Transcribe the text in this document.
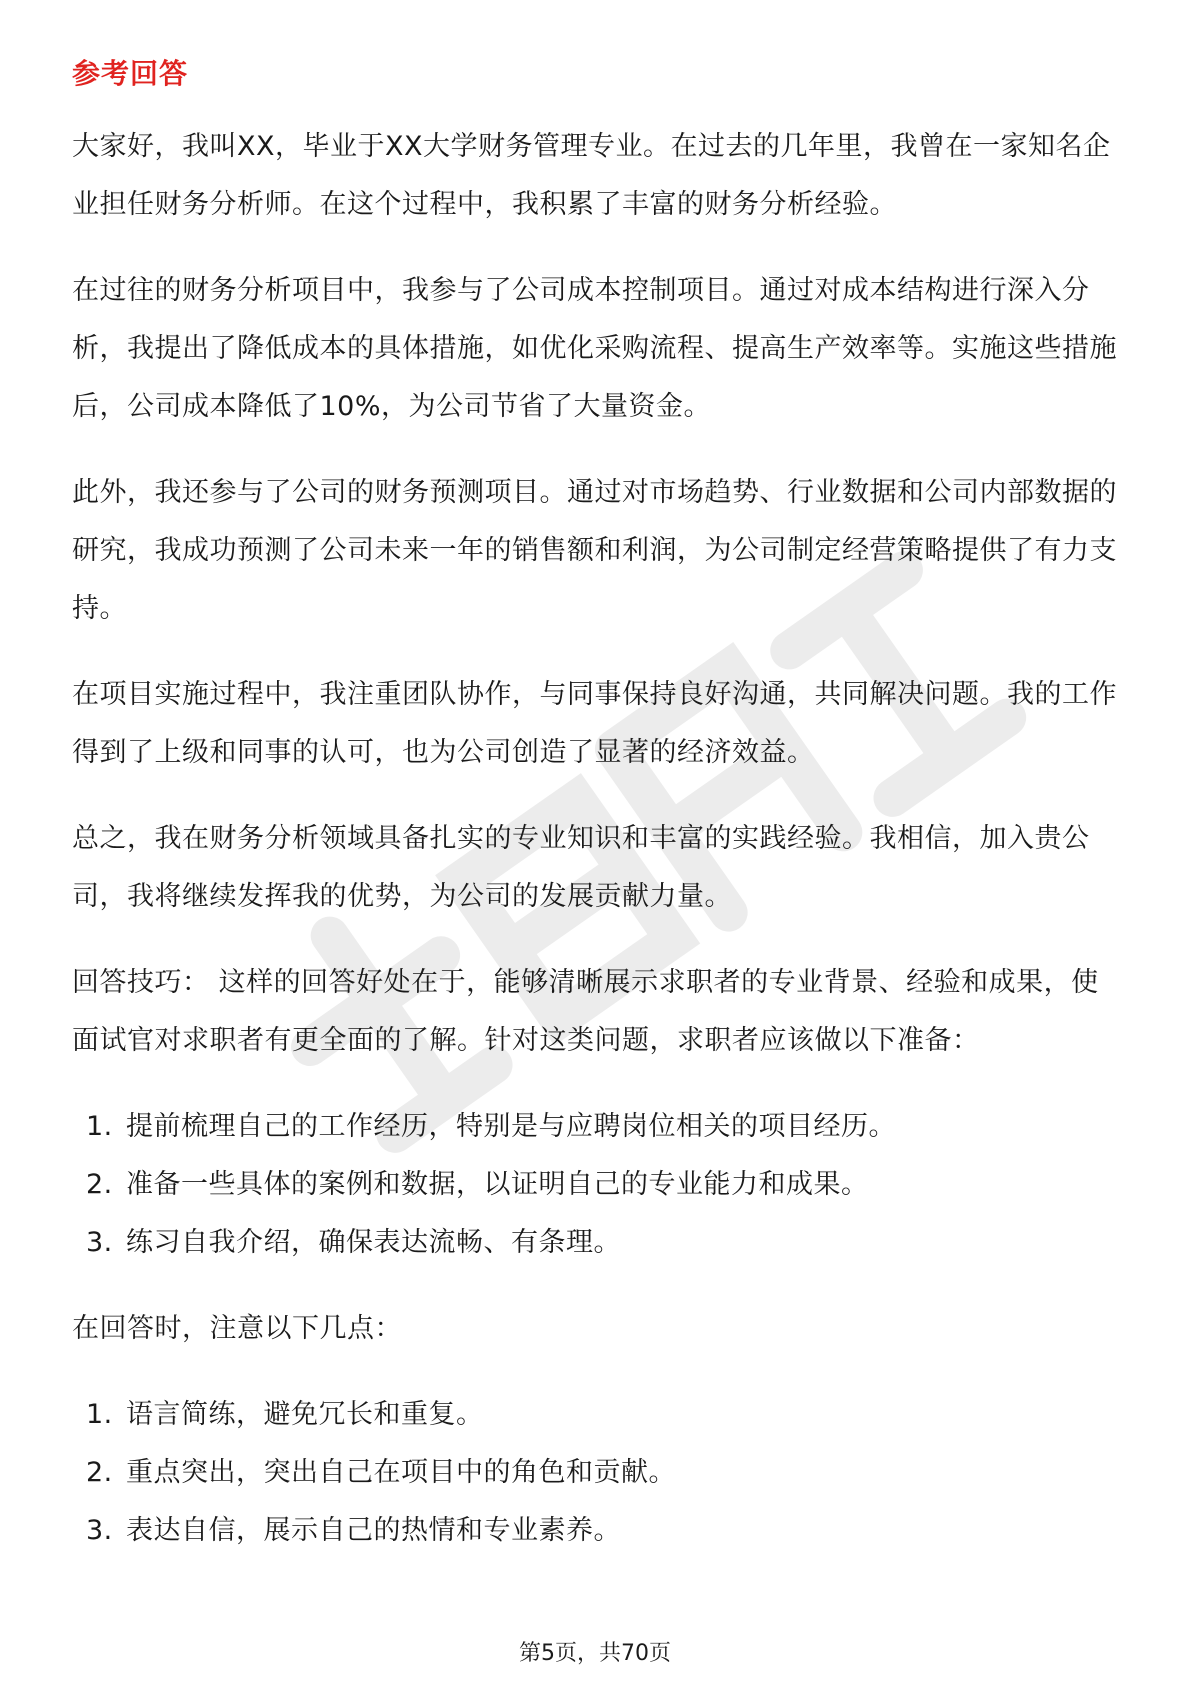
参考回答

大家好，我叫XX，毕业于XX大学财务管理专业。在过去的几年里，我曾在一家知名企业担任财务分析师。在这个过程中，我积累了丰富的财务分析经验。

在过往的财务分析项目中，我参与了公司成本控制项目。通过对成本结构进行深入分析，我提出了降低成本的具体措施，如优化采购流程、提高生产效率等。实施这些措施后，公司成本降低了10%，为公司节省了大量资金。

此外，我还参与了公司的财务预测项目。通过对市场趋势、行业数据和公司内部数据的研究，我成功预测了公司未来一年的销售额和利润，为公司制定经营策略提供了有力支持。

在项目实施过程中，我注重团队协作，与同事保持良好沟通，共同解决问题。我的工作得到了上级和同事的认可，也为公司创造了显著的经济效益。

总之，我在财务分析领域具备扎实的专业知识和丰富的实践经验。我相信，加入贵公司，我将继续发挥我的优势，为公司的发展贡献力量。

回答技巧： 这样的回答好处在于，能够清晰展示求职者的专业背景、经验和成果，使面试官对求职者有更全面的了解。针对这类问题，求职者应该做以下准备：

1. 提前梳理自己的工作经历，特别是与应聘岗位相关的项目经历。
2. 准备一些具体的案例和数据，以证明自己的专业能力和成果。
3. 练习自我介绍，确保表达流畅、有条理。

在回答时，注意以下几点：

1. 语言简练，避免冗长和重复。
2. 重点突出，突出自己在项目中的角色和贡献。
3. 表达自信，展示自己的热情和专业素养。
第5页，共70页
